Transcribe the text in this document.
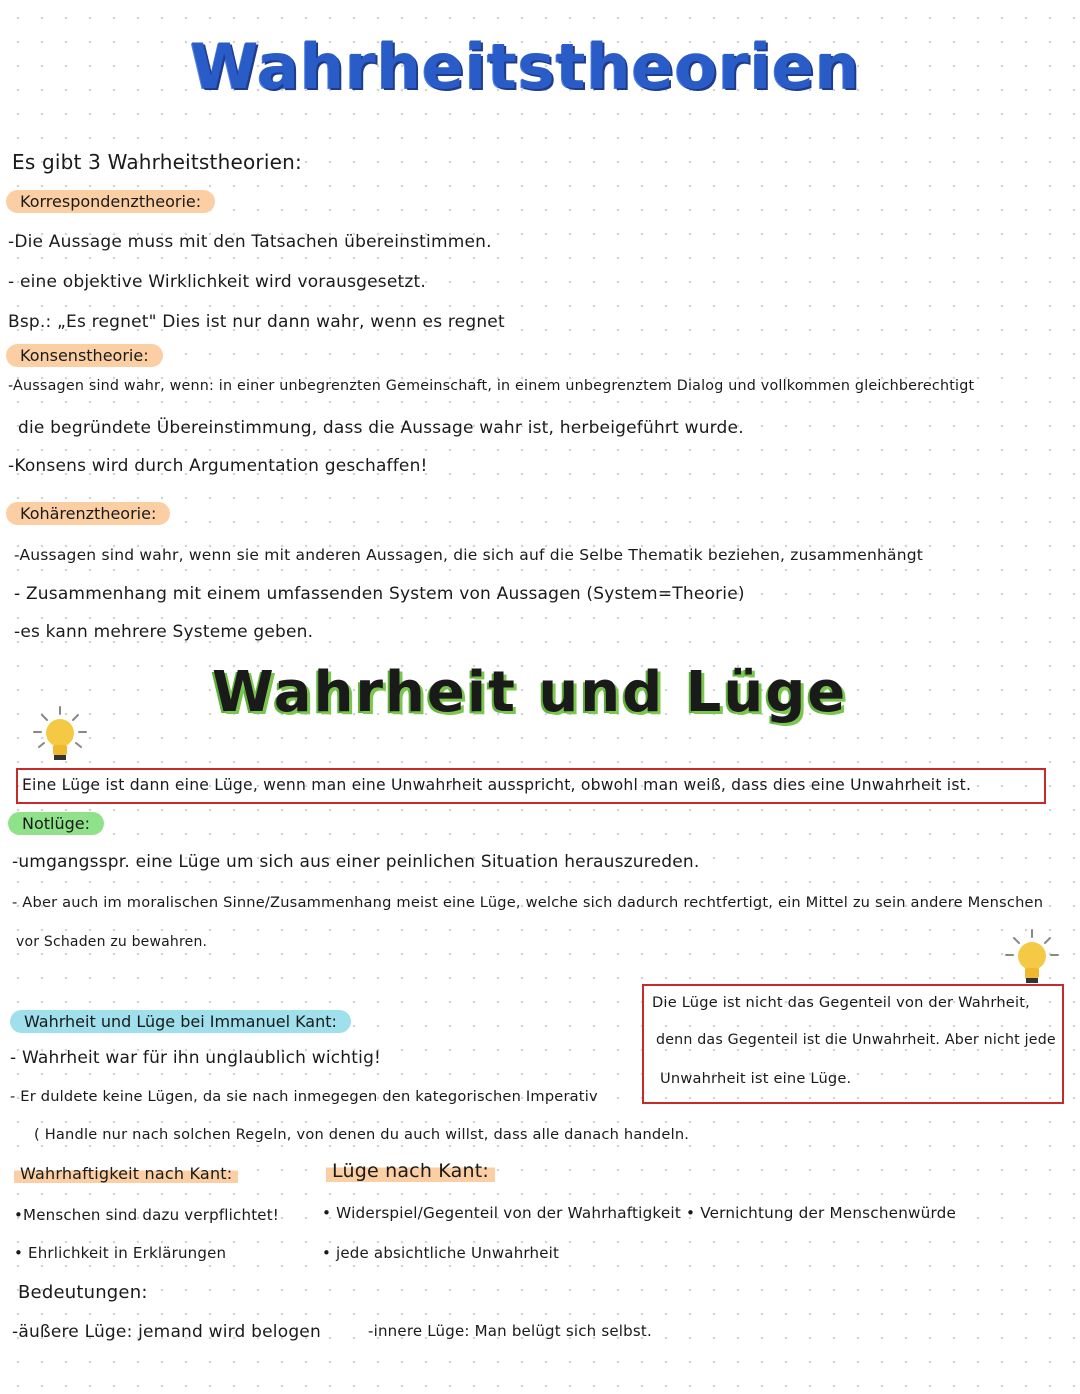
Wahrheitstheorien
Es gibt 3 Wahrheitstheorien:
Korrespondenztheorie:
-Die Aussage muss mit den Tatsachen übereinstimmen.
- eine objektive Wirklichkeit wird vorausgesetzt.
Bsp.: „Es regnet" Dies ist nur dann wahr, wenn es regnet
Konsenstheorie:
-Aussagen sind wahr, wenn: in einer unbegrenzten Gemeinschaft, in einem unbegrenztem Dialog und vollkommen gleichberechtigt
die begründete Übereinstimmung, dass die Aussage wahr ist, herbeigeführt wurde.
-Konsens wird durch Argumentation geschaffen!
Kohärenztheorie:
-Aussagen sind wahr, wenn sie mit anderen Aussagen, die sich auf die Selbe Thematik beziehen, zusammenhängt
- Zusammenhang mit einem umfassenden System von Aussagen (System=Theorie)
-es kann mehrere Systeme geben.
Wahrheit und Lüge
Eine Lüge ist dann eine Lüge, wenn man eine Unwahrheit ausspricht, obwohl man weiß, dass dies eine Unwahrheit ist.
Notlüge:
-umgangsspr. eine Lüge um sich aus einer peinlichen Situation herauszureden.
- Aber auch im moralischen Sinne/Zusammenhang meist eine Lüge, welche sich dadurch rechtfertigt, ein Mittel zu sein andere Menschen
vor Schaden zu bewahren.
Die Lüge ist nicht das Gegenteil von der Wahrheit,
denn das Gegenteil ist die Unwahrheit. Aber nicht jede
Unwahrheit ist eine Lüge.
Wahrheit und Lüge bei Immanuel Kant:
- Wahrheit war für ihn unglaublich wichtig!
- Er duldete keine Lügen, da sie nach inmegegen den kategorischen Imperativ
( Handle nur nach solchen Regeln, von denen du auch willst, dass alle danach handeln.
Wahrhaftigkeit nach Kant:	Lüge nach Kant:
•Menschen sind dazu verpflichtet!
• Ehrlichkeit in Erklärungen
• Widerspiel/Gegenteil von der Wahrhaftigkeit • Vernichtung der Menschenwürde
• jede absichtliche Unwahrheit
Bedeutungen:
-äußere Lüge: jemand wird belogen	-innere Lüge: Man belügt sich selbst.
